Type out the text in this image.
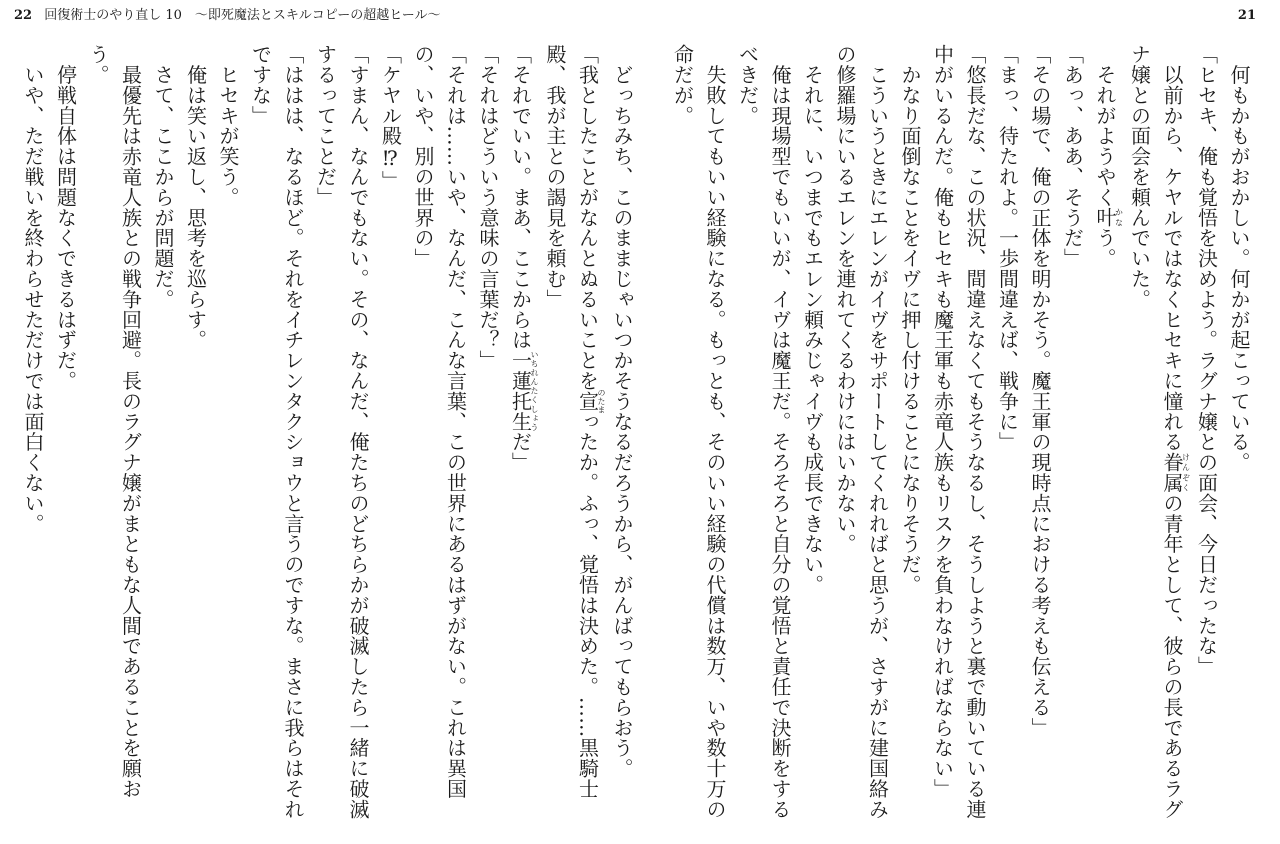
22 回復術士のやり直し 10　～即死魔法とスキルコピーの超越ヒール～	21

何もかもがおかしい。何かが起こっている。

「ヒセキ、俺も覚悟を決めよう。ラグナ嬢との面会、今日だったな」

以前から、ケヤルではなくヒセキに憧れる眷属けんぞくの青年として、彼らの長であるラグナ嬢との面会を頼んでいた。

それがようやく叶かなう。

「あっ、ああ、そうだ」

「その場で、俺の正体を明かそう。魔王軍の現時点における考えも伝える」

「まっ、待たれよ。一歩間違えば、戦争に」

「悠長だな、この状況、間違えなくてもそうなるし、そうしようと裏で動いている連中がいるんだ。俺もヒセキも魔王軍も赤竜人族もリスクを負わなければならない」

かなり面倒なことをイヴに押し付けることになりそうだ。

こういうときにエレンがイヴをサポートしてくれればと思うが、さすがに建国絡みの修羅場にいるエレンを連れてくるわけにはいかない。

それに、いつまでもエレン頼みじゃイヴも成長できない。

俺は現場型でもいいが、イヴは魔王だ。そろそろと自分の覚悟と責任で決断をするべきだ。

失敗してもいい経験になる。もっとも、そのいい経験の代償は数万、いや数十万の命だが。

どっちみち、このままじゃいつかそうなるだろうから、がんばってもらおう。

「我としたことがなんとぬるいことを宣のたまったか。ふっ、覚悟は決めた。……黒騎士殿、我が主との謁見を頼む」

「それでいい。まあ、ここからは一蓮托生いちれんたくしょうだ」

「それはどういう意味の言葉だ？」

「それは……いや、なんだ、こんな言葉、この世界にあるはずがない。これは異国の、いや、別の世界の」

「ケヤル殿⁉」

「すまん、なんでもない。その、なんだ、俺たちのどちらかが破滅したら一緒に破滅するってことだ」

「ははは、なるほど。それをイチレンタクショウと言うのですな。まさに我らはそれですな」

ヒセキが笑う。

俺は笑い返し、思考を巡らす。

さて、ここからが問題だ。

最優先は赤竜人族との戦争回避。長のラグナ嬢がまともな人間であることを願おう。

停戦自体は問題なくできるはずだ。

いや、ただ戦いを終わらせただけでは面白くない。
